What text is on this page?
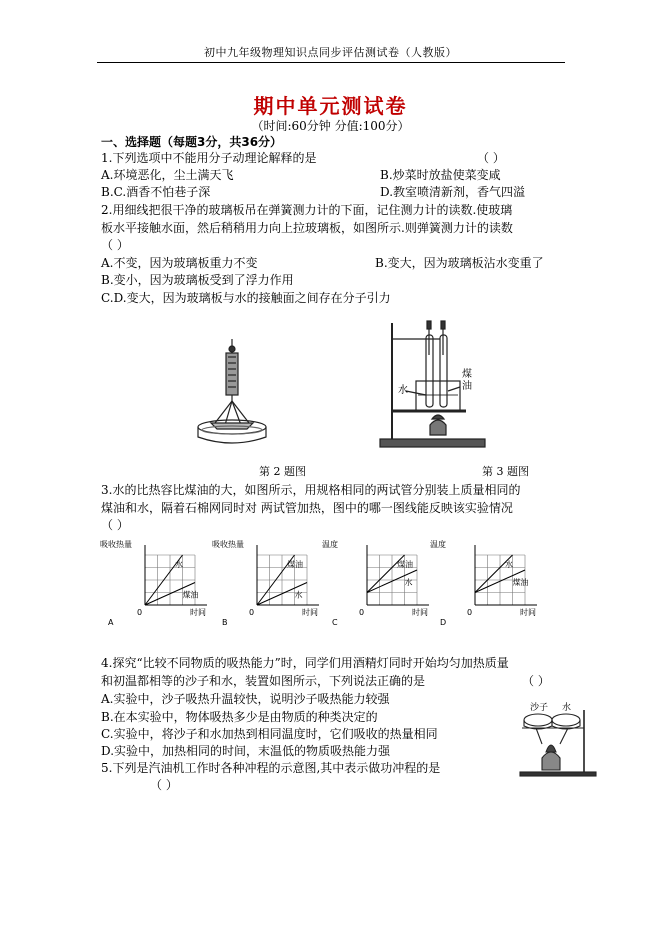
初中九年级物理知识点同步评估测试卷（人教版）
期中单元测试卷
（时间:60分钟 分值:100分）
一、选择题（每题3分，共36分）
1.下列选项中不能用分子动理论解释的是	（ ）
A.环境恶化，尘土满天飞	B.炒菜时放盐使菜变咸
B.C.酒香不怕巷子深	D.教室喷清新剂，香气四溢
2.用细线把很干净的玻璃板吊在弹簧测力计的下面，记住测力计的读数.使玻璃
板水平接触水面，然后稍稍用力向上拉玻璃板，如图所示.则弹簧测力计的读数
（ ）
A.不变，因为玻璃板重力不变	B.变大，因为玻璃板沾水变重了
B.变小，因为玻璃板受到了浮力作用
C.D.变大，因为玻璃板与水的接触面之间存在分子引力
水
煤
油
第 2 题图	第 3 题图
3.水的比热容比煤油的大，如图所示，用规格相同的两试管分别装上质量相同的
煤油和水，隔着石棉网同时对 两试管加热，图中的哪一图线能反映该实验情况
（ ）
吸收热量
水
煤油
0	时间
A
吸收热量
煤油
水
0	时间
B
温度
煤油
水
0	时间
C
温度
水
煤油
0	时间
D
4.探究“比较不同物质的吸热能力”时，同学们用酒精灯同时开始均匀加热质量
和初温都相等的沙子和水，装置如图所示，下列说法正确的是	（ ）
A.实验中，沙子吸热升温较快，说明沙子吸热能力较强
B.在本实验中，物体吸热多少是由物质的种类决定的
C.实验中，将沙子和水加热到相同温度时，它们吸收的热量相同
D.实验中，加热相同的时间，末温低的物质吸热能力强
5.下列是汽油机工作时各种冲程的示意图,其中表示做功冲程的是
（ ）
沙子 水
